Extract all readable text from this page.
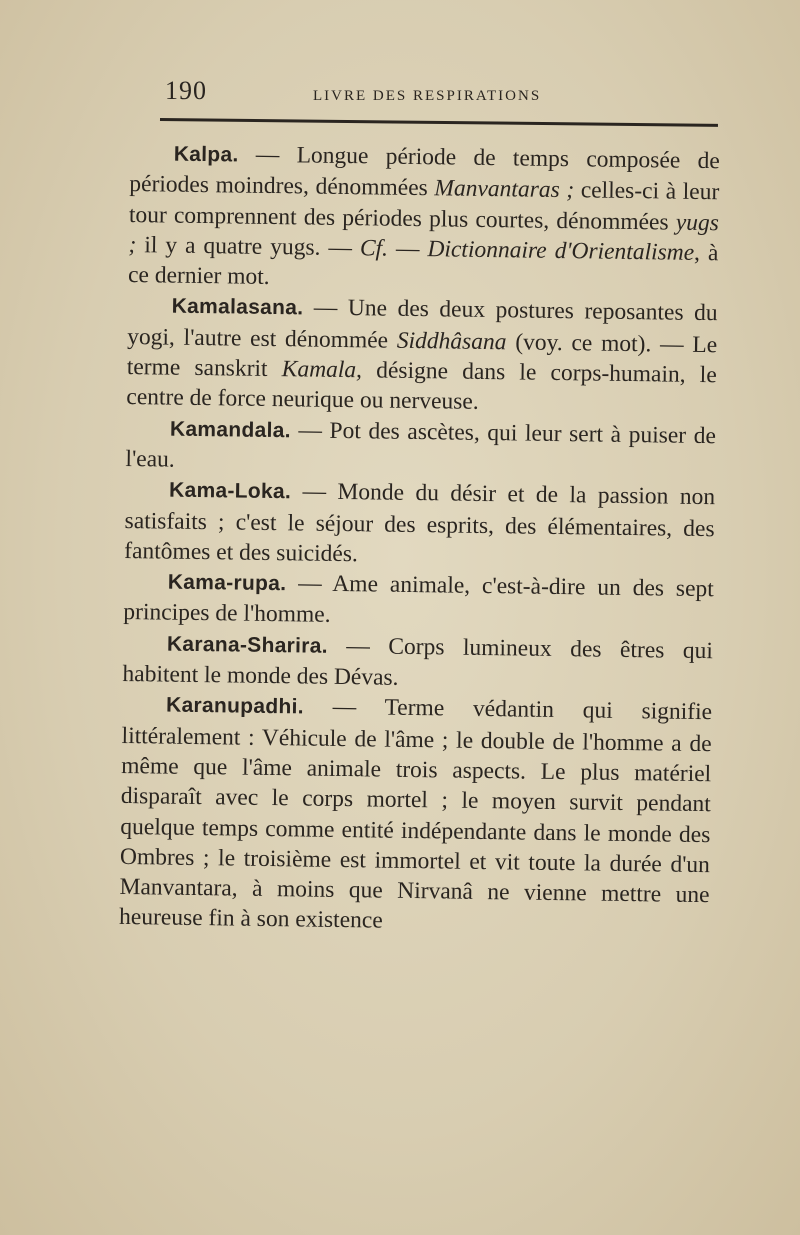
190	LIVRE DES RESPIRATIONS

Kalpa. — Longue période de temps composée de périodes moindres, dénommées Manvantaras ; celles-ci à leur tour comprennent des périodes plus courtes, dénommées yugs ; il y a quatre yugs. — Cf. — Dictionnaire d'Orientalisme, à ce dernier mot.

Kamalasana. — Une des deux postures reposantes du yogi, l'autre est dénommée Siddhâsana (voy. ce mot). — Le terme sanskrit Kamala, désigne dans le corps-humain, le centre de force neurique ou nerveuse.

Kamandala. — Pot des ascètes, qui leur sert à puiser de l'eau.

Kama-Loka. — Monde du désir et de la passion non satisfaits ; c'est le séjour des esprits, des élémentaires, des fantômes et des suicidés.

Kama-rupa. — Ame animale, c'est-à-dire un des sept principes de l'homme.

Karana-Sharira. — Corps lumineux des êtres qui habitent le monde des Dévas.

Karanupadhi. — Terme védantin qui signifie littéralement : Véhicule de l'âme ; le double de l'homme a de même que l'âme animale trois aspects. Le plus matériel disparaît avec le corps mortel ; le moyen survit pendant quelque temps comme entité indépendante dans le monde des Ombres ; le troisième est immortel et vit toute la durée d'un Manvantara, à moins que Nirvanâ ne vienne mettre une heureuse fin à son existence
